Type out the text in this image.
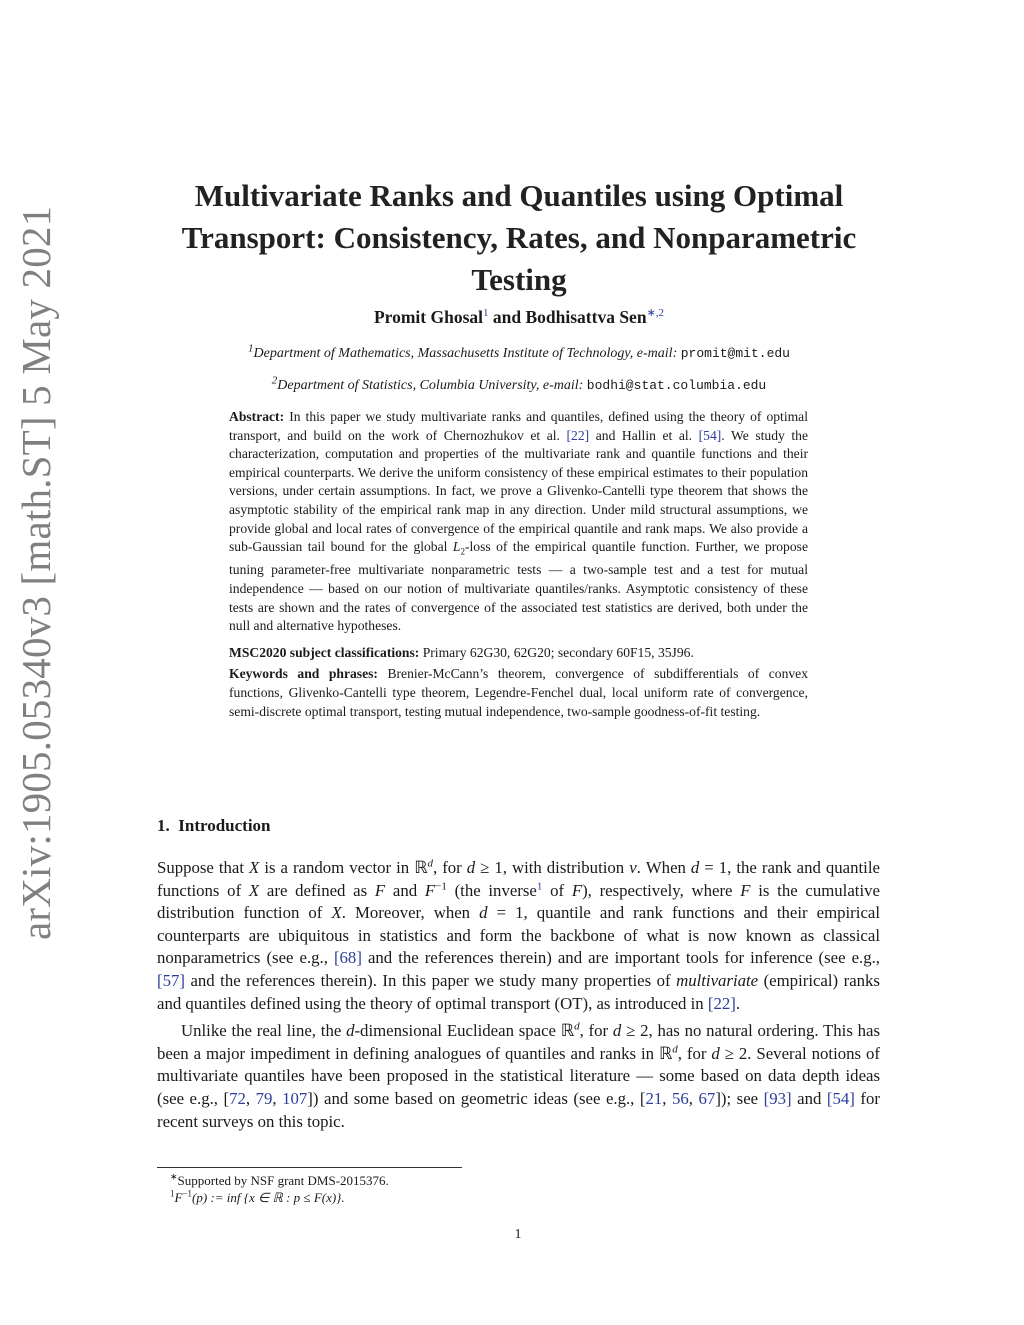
arXiv:1905.05340v3 [math.ST] 5 May 2021
Multivariate Ranks and Quantiles using Optimal
Transport: Consistency, Rates, and Nonparametric
Testing
Promit Ghosal$^1$ and Bodhisattva Sen$^{∗,2}$
$^1$Department of Mathematics, Massachusetts Institute of Technology, e-mail: promit@mit.edu
$^2$Department of Statistics, Columbia University, e-mail: bodhi@stat.columbia.edu

Abstract: In this paper we study multivariate ranks and quantiles, defined using the theory of optimal transport, and build on the work of Chernozhukov et al. [22] and Hallin et al. [54]. We study the characterization, computation and properties of the multivariate rank and quantile functions and their empirical counterparts. We derive the uniform consistency of these empirical estimates to their population versions, under certain assumptions. In fact, we prove a Glivenko-Cantelli type theorem that shows the asymptotic stability of the empirical rank map in any direction. Under mild structural assumptions, we provide global and local rates of convergence of the empirical quantile and rank maps. We also provide a sub-Gaussian tail bound for the global $L_2$-loss of the empirical quantile function. Further, we propose tuning parameter-free multivariate nonparametric tests — a two-sample test and a test for mutual independence — based on our notion of multivariate quantiles/ranks. Asymptotic consistency of these tests are shown and the rates of convergence of the associated test statistics are derived, both under the null and alternative hypotheses.

MSC2020 subject classifications: Primary 62G30, 62G20; secondary 60F15, 35J96.

Keywords and phrases: Brenier-McCann’s theorem, convergence of subdifferentials of convex functions, Glivenko-Cantelli type theorem, Legendre-Fenchel dual, local uniform rate of convergence, semi-discrete optimal transport, testing mutual independence, two-sample goodness-of-fit testing.

1. Introduction

Suppose that X is a random vector in ℝ$^d$, for d ≥ 1, with distribution ν. When d = 1, the rank and quantile functions of X are defined as F and $F^{-1}$ (the inverse$^1$ of F), respectively, where F is the cumulative distribution function of X. Moreover, when d = 1, quantile and rank functions and their empirical counterparts are ubiquitous in statistics and form the backbone of what is now known as classical nonparametrics (see e.g., [68] and the references therein) and are important tools for inference (see e.g., [57] and the references therein). In this paper we study many properties of multivariate (empirical) ranks and quantiles defined using the theory of optimal transport (OT), as introduced in [22].

Unlike the real line, the d-dimensional Euclidean space ℝ$^d$, for d ≥ 2, has no natural ordering. This has been a major impediment in defining analogues of quantiles and ranks in ℝ$^d$, for d ≥ 2. Several notions of multivariate quantiles have been proposed in the statistical literature — some based on data depth ideas (see e.g., [72, 79, 107]) and some based on geometric ideas (see e.g., [21, 56, 67]); see [93] and [54] for recent surveys on this topic.

∗Supported by NSF grant DMS-2015376.
$^1F^{-1}(p)$ := inf {x ∈ ℝ : p ≤ F(x)}.
1
